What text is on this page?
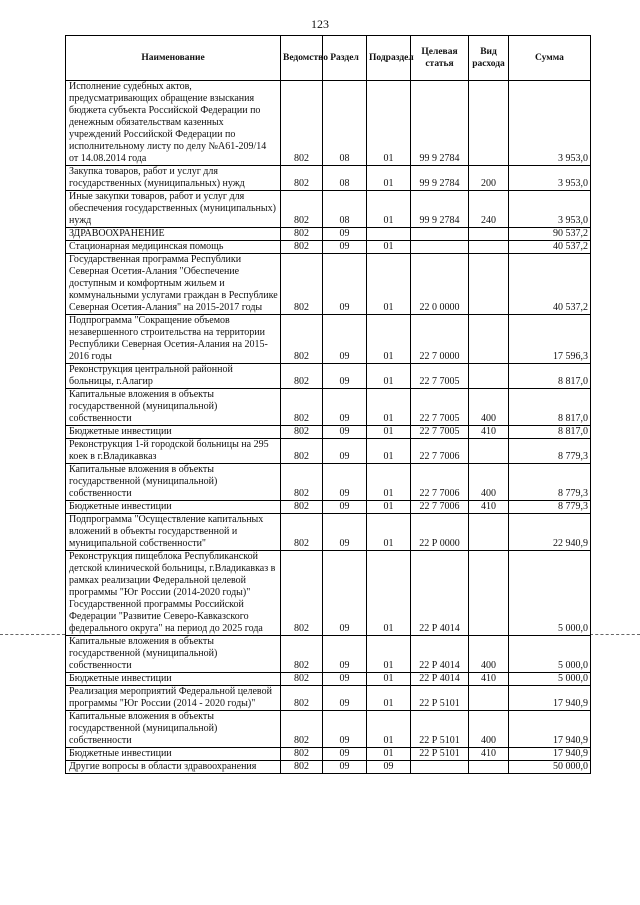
123
Наименование	Ведомство	Раздел	Подраздел	Целевая статья	Вид расхода	Сумма
Исполнение судебных актов, предусматривающих обращение взыскания бюджета субъекта Российской Федерации по денежным обязательствам казенных учреждений Российской Федерации по исполнительному листу по делу №А61-209/14 от 14.08.2014 года	802	08	01	99 9 2784		3 953,0
Закупка товаров, работ и услуг для государственных (муниципальных) нужд	802	08	01	99 9 2784	200	3 953,0
Иные закупки товаров, работ и услуг для обеспечения государственных (муниципальных) нужд	802	08	01	99 9 2784	240	3 953,0
ЗДРАВООХРАНЕНИЕ	802	09				90 537,2
Стационарная медицинская помощь	802	09	01			40 537,2
Государственная программа Республики Северная Осетия-Алания "Обеспечение доступным и комфортным жильем и коммунальными услугами граждан в Республике Северная Осетия-Алания" на 2015-2017 годы	802	09	01	22 0 0000		40 537,2
Подпрограмма "Сокращение объемов незавершенного строительства на территории Республики Северная Осетия-Алания на 2015-2016 годы	802	09	01	22 7 0000		17 596,3
Реконструкция центральной районной больницы, г.Алагир	802	09	01	22 7 7005		8 817,0
Капитальные вложения в объекты государственной (муниципальной) собственности	802	09	01	22 7 7005	400	8 817,0
Бюджетные инвестиции	802	09	01	22 7 7005	410	8 817,0
Реконструкция 1-й городской больницы на 295 коек в г.Владикавказ	802	09	01	22 7 7006		8 779,3
Капитальные вложения в объекты государственной (муниципальной) собственности	802	09	01	22 7 7006	400	8 779,3
Бюджетные инвестиции	802	09	01	22 7 7006	410	8 779,3
Подпрограмма "Осуществление капитальных вложений в объекты государственной и муниципальной собственности"	802	09	01	22 Р 0000		22 940,9
Реконструкция пищеблока Республиканской детской клинической больницы, г.Владикавказ в рамках реализации Федеральной целевой программы "Юг России (2014-2020 годы)" Государственной программы Российской Федерации "Развитие Северо-Кавказского федерального округа" на период до 2025 года	802	09	01	22 Р 4014		5 000,0
Капитальные вложения в объекты государственной (муниципальной) собственности	802	09	01	22 Р 4014	400	5 000,0
Бюджетные инвестиции	802	09	01	22 Р 4014	410	5 000,0
Реализация мероприятий Федеральной целевой программы "Юг России (2014 - 2020 годы)"	802	09	01	22 Р 5101		17 940,9
Капитальные вложения в объекты государственной (муниципальной) собственности	802	09	01	22 Р 5101	400	17 940,9
Бюджетные инвестиции	802	09	01	22 Р 5101	410	17 940,9
Другие вопросы в области здравоохранения	802	09	09			50 000,0
